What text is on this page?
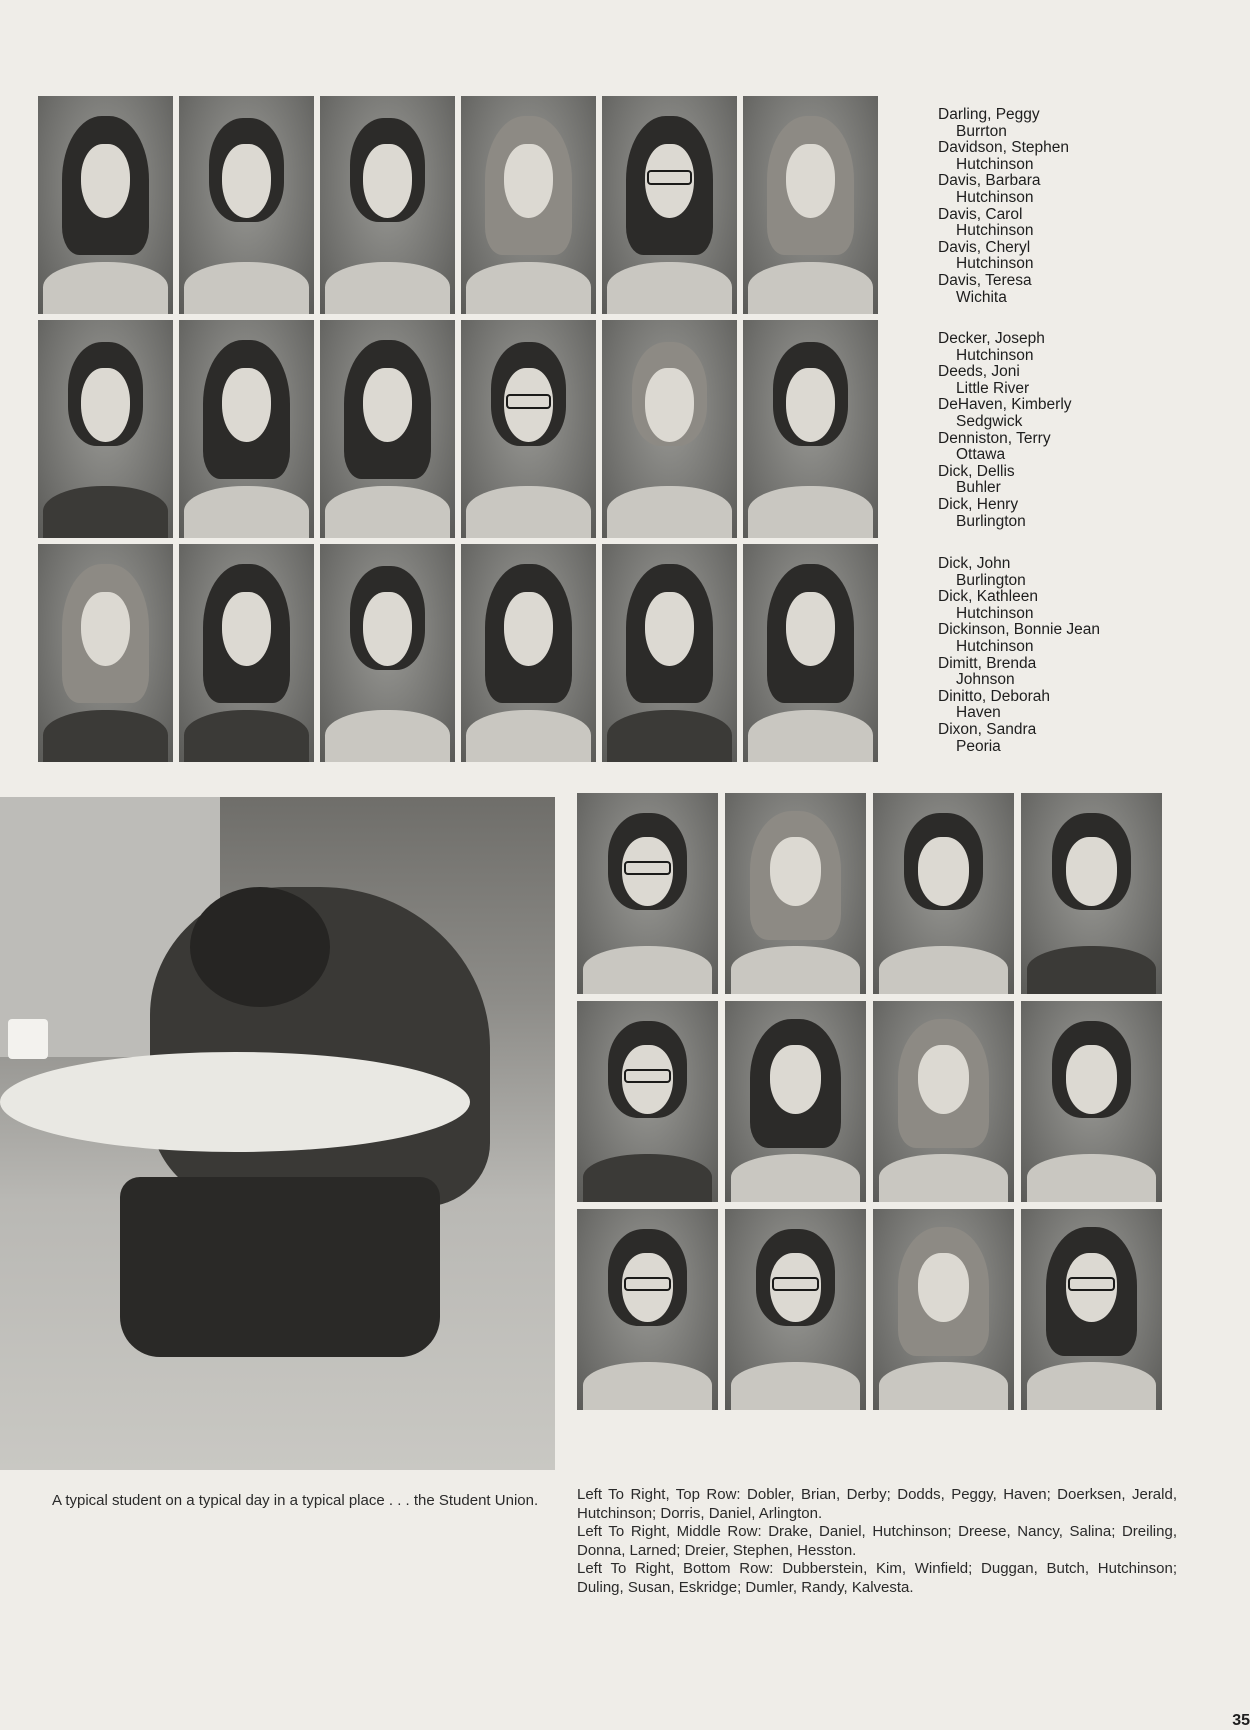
Darling, Peggy
Burrton
Davidson, Stephen
Hutchinson
Davis, Barbara
Hutchinson
Davis, Carol
Hutchinson
Davis, Cheryl
Hutchinson
Davis, Teresa
Wichita
Decker, Joseph
Hutchinson
Deeds, Joni
Little River
DeHaven, Kimberly
Sedgwick
Denniston, Terry
Ottawa
Dick, Dellis
Buhler
Dick, Henry
Burlington
Dick, John
Burlington
Dick, Kathleen
Hutchinson
Dickinson, Bonnie Jean
Hutchinson
Dimitt, Brenda
Johnson
Dinitto, Deborah
Haven
Dixon, Sandra
Peoria
A typical student on a typical day in a typical place . . . the Student Union.	Left To Right, Top Row: Dobler, Brian, Derby; Dodds, Peggy, Haven; Doerksen, Jerald, Hutchinson; Dorris, Daniel, Arlington.

Left To Right, Middle Row: Drake, Daniel, Hutchinson; Dreese, Nancy, Salina; Dreiling, Donna, Larned; Dreier, Stephen, Hesston.

Left To Right, Bottom Row: Dubberstein, Kim, Winfield; Duggan, Butch, Hutchinson; Duling, Susan, Eskridge; Dumler, Randy, Kalvesta.

35
